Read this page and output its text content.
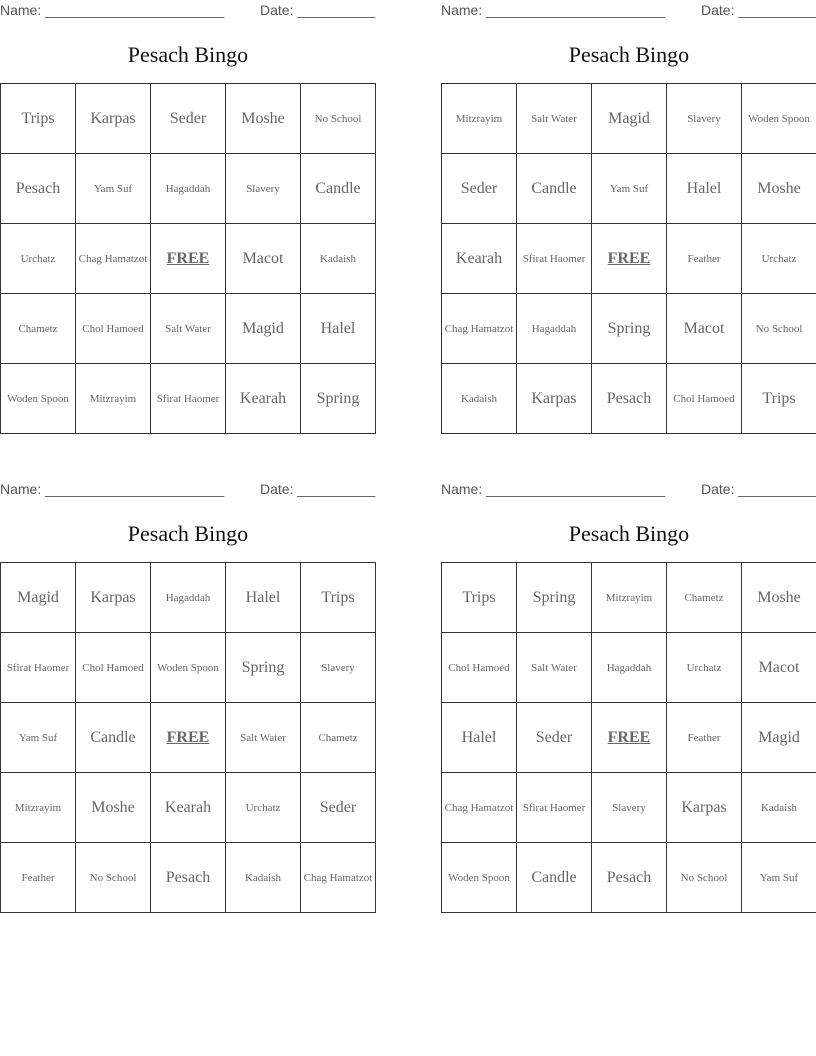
Name: _______________________	Date: __________
Pesach Bingo
Trips	Karpas	Seder	Moshe	No School
Pesach	Yam Suf	Hagaddah	Slavery	Candle
Urchatz	Chag Hamatzot	FREE	Macot	Kadaish
Chametz	Chol Hamoed	Salt Water	Magid	Halel
Woden Spoon	Mitzrayim	Sfirat Haomer	Kearah	Spring
Name: _______________________	Date: __________
Pesach Bingo
Mitzrayim	Salt Water	Magid	Slavery	Woden Spoon
Seder	Candle	Yam Suf	Halel	Moshe
Kearah	Sfirat Haomer	FREE	Feather	Urchatz
Chag Hamatzot	Hagaddah	Spring	Macot	No School
Kadaish	Karpas	Pesach	Chol Hamoed	Trips
Name: _______________________	Date: __________
Pesach Bingo
Magid	Karpas	Hagaddah	Halel	Trips
Sfirat Haomer	Chol Hamoed	Woden Spoon	Spring	Slavery
Yam Suf	Candle	FREE	Salt Water	Chametz
Mitzrayim	Moshe	Kearah	Urchatz	Seder
Feather	No School	Pesach	Kadaish	Chag Hamatzot
Name: _______________________	Date: __________
Pesach Bingo
Trips	Spring	Mitzrayim	Chametz	Moshe
Chol Hamoed	Salt Water	Hagaddah	Urchatz	Macot
Halel	Seder	FREE	Feather	Magid
Chag Hamatzot	Sfirat Haomer	Slavery	Karpas	Kadaish
Woden Spoon	Candle	Pesach	No School	Yam Suf
